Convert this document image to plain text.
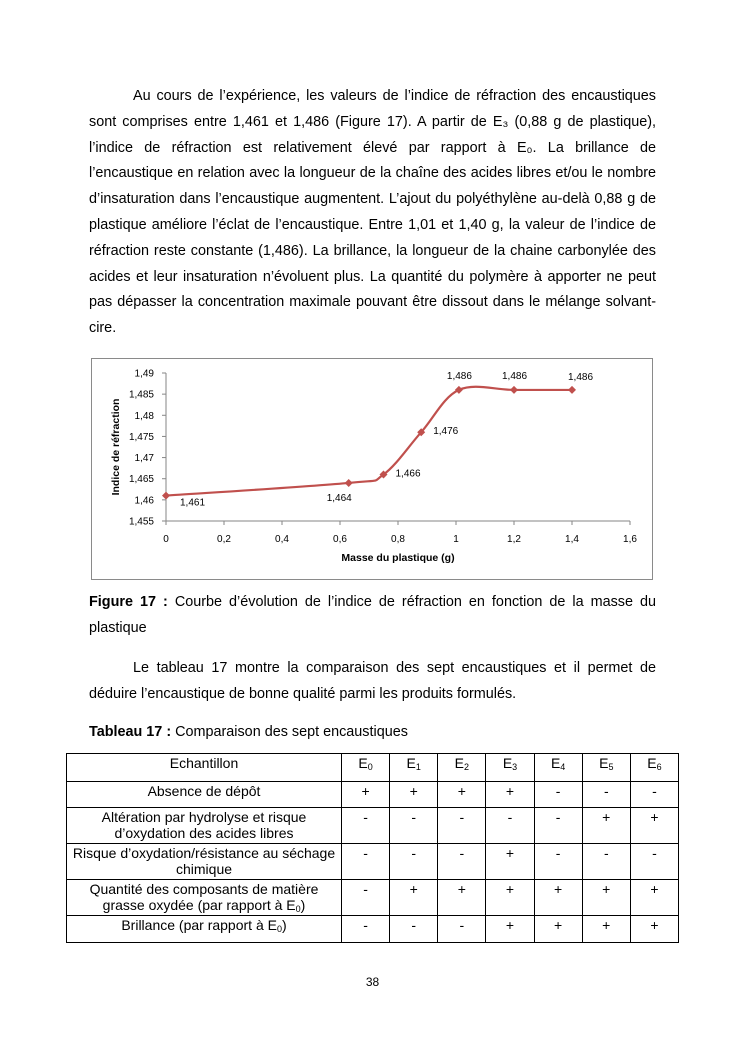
Au cours de l’expérience, les valeurs de l’indice de réfraction des encaustiques sont comprises entre 1,461 et 1,486 (Figure 17). A partir de E₃ (0,88 g de plastique), l’indice de réfraction est relativement élevé par rapport à E₀. La brillance de l’encaustique en relation avec la longueur de la chaîne des acides libres et/ou le nombre d’insaturation dans l’encaustique augmentent. L’ajout du polyéthylène au-delà 0,88 g de plastique améliore l’éclat de l’encaustique. Entre 1,01 et 1,40 g, la valeur de l’indice de réfraction reste constante (1,486). La brillance, la longueur de la chaine carbonylée des acides et leur insaturation n’évoluent plus. La quantité du polymère à apporter ne peut pas dépasser la concentration maximale pouvant être dissout dans le mélange solvant-cire.

1,455
1,46
1,465
1,47
1,475
1,48
1,485
1,49
0	0,2	0,4	0,6	0,8	1	1,2	1,4	1,6
1,461	1,464
1,466
1,476
1,486	1,486	1,486
Masse du plastique (g)
Indice de réfraction

Figure 17 : Courbe d’évolution de l’indice de réfraction en fonction de la masse du plastique

Le tableau 17 montre la comparaison des sept encaustiques et il permet de déduire l’encaustique de bonne qualité parmi les produits formulés.

Tableau 17 : Comparaison des sept encaustiques

Echantillon	$E_0$	$E_1$	$E_2$	$E_3$	$E_4$	$E_5$	$E_6$
Absence de dépôt	+	+	+	+	-	-	-
Altération par hydrolyse et risque d’oxydation des acides libres	-	-	-	-	-	+	+
Risque d’oxydation/résistance au séchage chimique	-	-	-	+	-	-	-
Quantité des composants de matière grasse oxydée (par rapport à $E_0$)	-	+	+	+	+	+	+
Brillance (par rapport à $E_0$)	-	-	-	+	+	+	+
38
